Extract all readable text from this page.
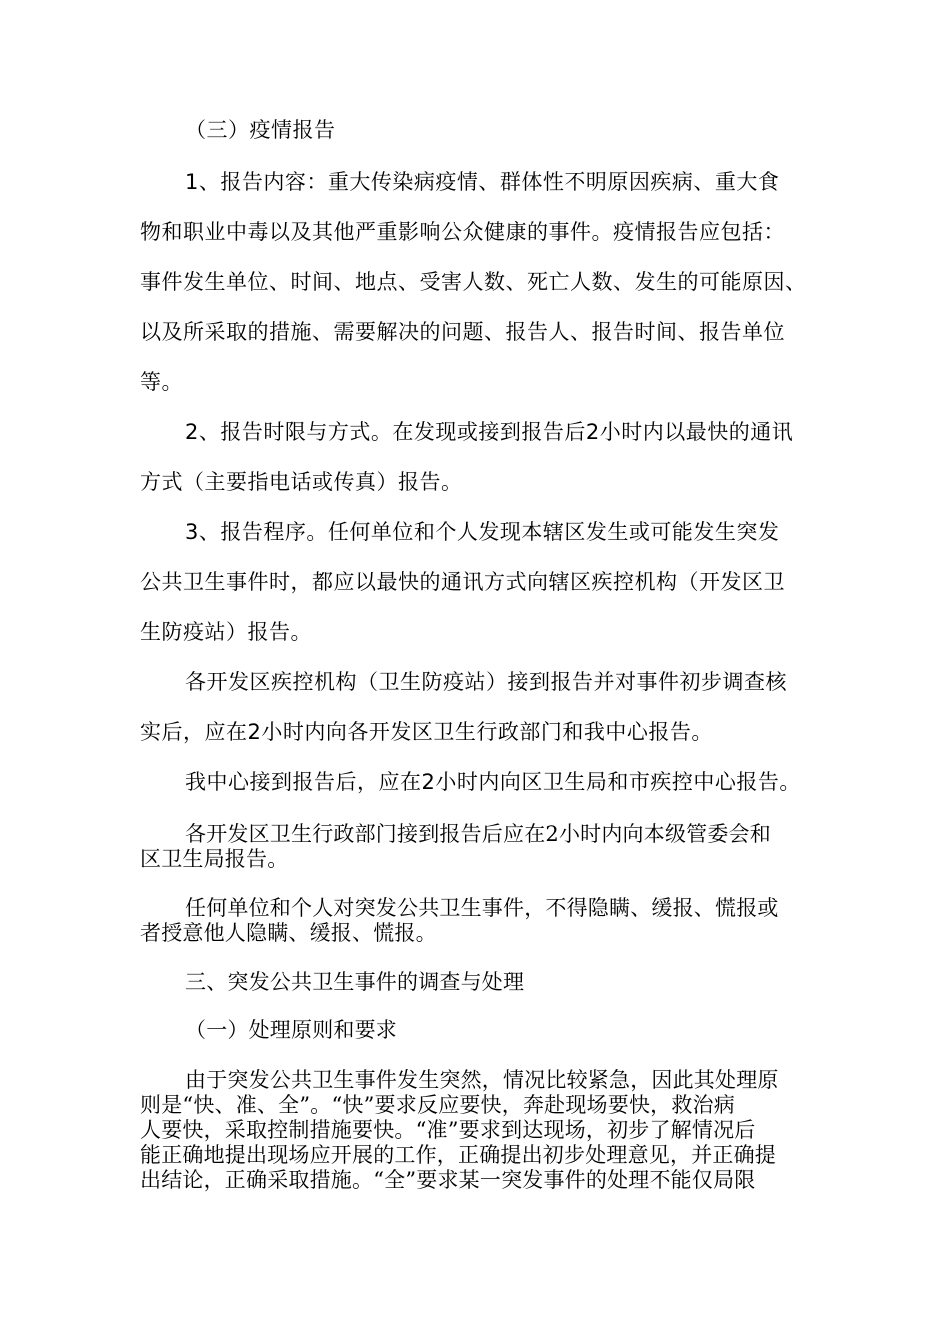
（三）疫情报告

1、报告内容：重大传染病疫情、群体性不明原因疾病、重大食

物和职业中毒以及其他严重影响公众健康的事件。疫情报告应包括：

事件发生单位、时间、地点、受害人数、死亡人数、发生的可能原因、

以及所采取的措施、需要解决的问题、报告人、报告时间、报告单位

等。

2、报告时限与方式。在发现或接到报告后2小时内以最快的通讯

方式（主要指电话或传真）报告。

3、报告程序。任何单位和个人发现本辖区发生或可能发生突发

公共卫生事件时，都应以最快的通讯方式向辖区疾控机构（开发区卫

生防疫站）报告。

各开发区疾控机构（卫生防疫站）接到报告并对事件初步调查核

实后，应在2小时内向各开发区卫生行政部门和我中心报告。

我中心接到报告后，应在2小时内向区卫生局和市疾控中心报告。

各开发区卫生行政部门接到报告后应在2小时内向本级管委会和

区卫生局报告。

任何单位和个人对突发公共卫生事件，不得隐瞒、缓报、慌报或

者授意他人隐瞒、缓报、慌报。

三、突发公共卫生事件的调查与处理

（一）处理原则和要求

由于突发公共卫生事件发生突然，情况比较紧急，因此其处理原

则是“快、准、全”。“快”要求反应要快，奔赴现场要快，救治病

人要快，采取控制措施要快。“准”要求到达现场，初步了解情况后

能正确地提出现场应开展的工作，正确提出初步处理意见，并正确提

出结论，正确采取措施。“全”要求某一突发事件的处理不能仅局限
